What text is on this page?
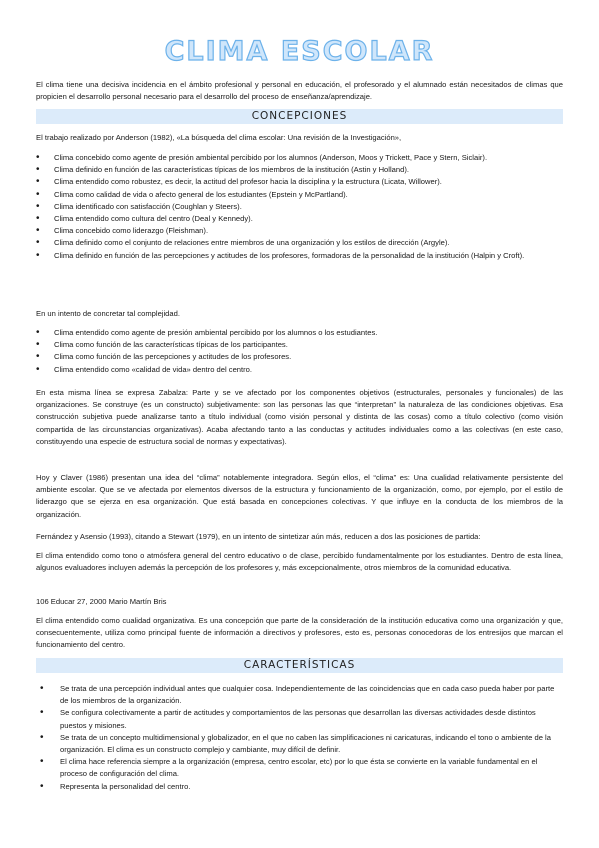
CLIMA ESCOLAR

El clima tiene una decisiva incidencia en el ámbito profesional y personal en educación, el profesorado y el alumnado están necesitados de climas que propicien el desarrollo personal necesario para el desarrollo del proceso de enseñanza/aprendizaje.

CONCEPCIONES

El trabajo realizado por Anderson (1982), «La búsqueda del clima escolar: Una revisión de la Investigación»,

• Clima concebido como agente de presión ambiental percibido por los alumnos (Anderson, Moos y Trickett, Pace y Stern, Siclair).
• Clima definido en función de las características típicas de los miembros de la institución (Astin y Holland).
• Clima entendido como robustez, es decir, la actitud del profesor hacia la disciplina y la estructura (Licata, Willower).
• Clima como calidad de vida o afecto general de los estudiantes (Epstein y McPartland).
• Clima identificado con satisfacción (Coughlan y Steers).
• Clima entendido como cultura del centro (Deal y Kennedy).
• Clima concebido como liderazgo (Fleishman).
• Clima definido como el conjunto de relaciones entre miembros de una organización y los estilos de dirección (Argyle).
• Clima definido en función de las percepciones y actitudes de los profesores, formadoras de la personalidad de la institución (Halpin y Croft).

En un intento de concretar tal complejidad.

• Clima entendido como agente de presión ambiental percibido por los alumnos o los estudiantes.
• Clima como función de las características típicas de los participantes.
• Clima como función de las percepciones y actitudes de los profesores.
• Clima entendido como «calidad de vida» dentro del centro.

En esta misma línea se expresa Zabalza: Parte y se ve afectado por los componentes objetivos (estructurales, personales y funcionales) de las organizaciones. Se construye (es un constructo) subjetivamente: son las personas las que “interpretan” la naturaleza de las condiciones objetivas. Esa construcción subjetiva puede analizarse tanto a título individual (como visión personal y distinta de las cosas) como a título colectivo (como visión compartida de las circunstancias organizativas). Acaba afectando tanto a las conductas y actitudes individuales como a las colectivas (en este caso, constituyendo una especie de estructura social de normas y expectativas).

Hoy y Claver (1986) presentan una idea del “clima” notablemente integradora. Según ellos, el “clima” es: Una cualidad relativamente persistente del ambiente escolar. Que se ve afectada por elementos diversos de la estructura y funcionamiento de la organización, como, por ejemplo, por el estilo de liderazgo que se ejerza en esa organización. Que está basada en concepciones colectivas. Y que influye en la conducta de los miembros de la organización.

Fernández y Asensio (1993), citando a Stewart (1979), en un intento de sintetizar aún más, reducen a dos las posiciones de partida:

El clima entendido como tono o atmósfera general del centro educativo o de clase, percibido fundamentalmente por los estudiantes. Dentro de esta línea, algunos evaluadores incluyen además la percepción de los profesores y, más excepcionalmente, otros miembros de la comunidad educativa.

106 Educar 27, 2000 Mario Martín Bris

El clima entendido como cualidad organizativa. Es una concepción que parte de la consideración de la institución educativa como una organización y que, consecuentemente, utiliza como principal fuente de información a directivos y profesores, esto es, personas conocedoras de los entresijos que marcan el funcionamiento del centro.

CARACTERÍSTICAS
• Se trata de una percepción individual antes que cualquier cosa. Independientemente de las coincidencias que en cada caso pueda haber por parte de los miembros de la organización.
• Se configura colectivamente a partir de actitudes y comportamientos de las personas que desarrollan las diversas actividades desde distintos puestos y misiones.
• Se trata de un concepto multidimensional y globalizador, en el que no caben las simplificaciones ni caricaturas, indicando el tono o ambiente de la organización. El clima es un constructo complejo y cambiante, muy difícil de definir.
• El clima hace referencia siempre a la organización (empresa, centro escolar, etc) por lo que ésta se convierte en la variable fundamental en el proceso de configuración del clima.
• Representa la personalidad del centro.
